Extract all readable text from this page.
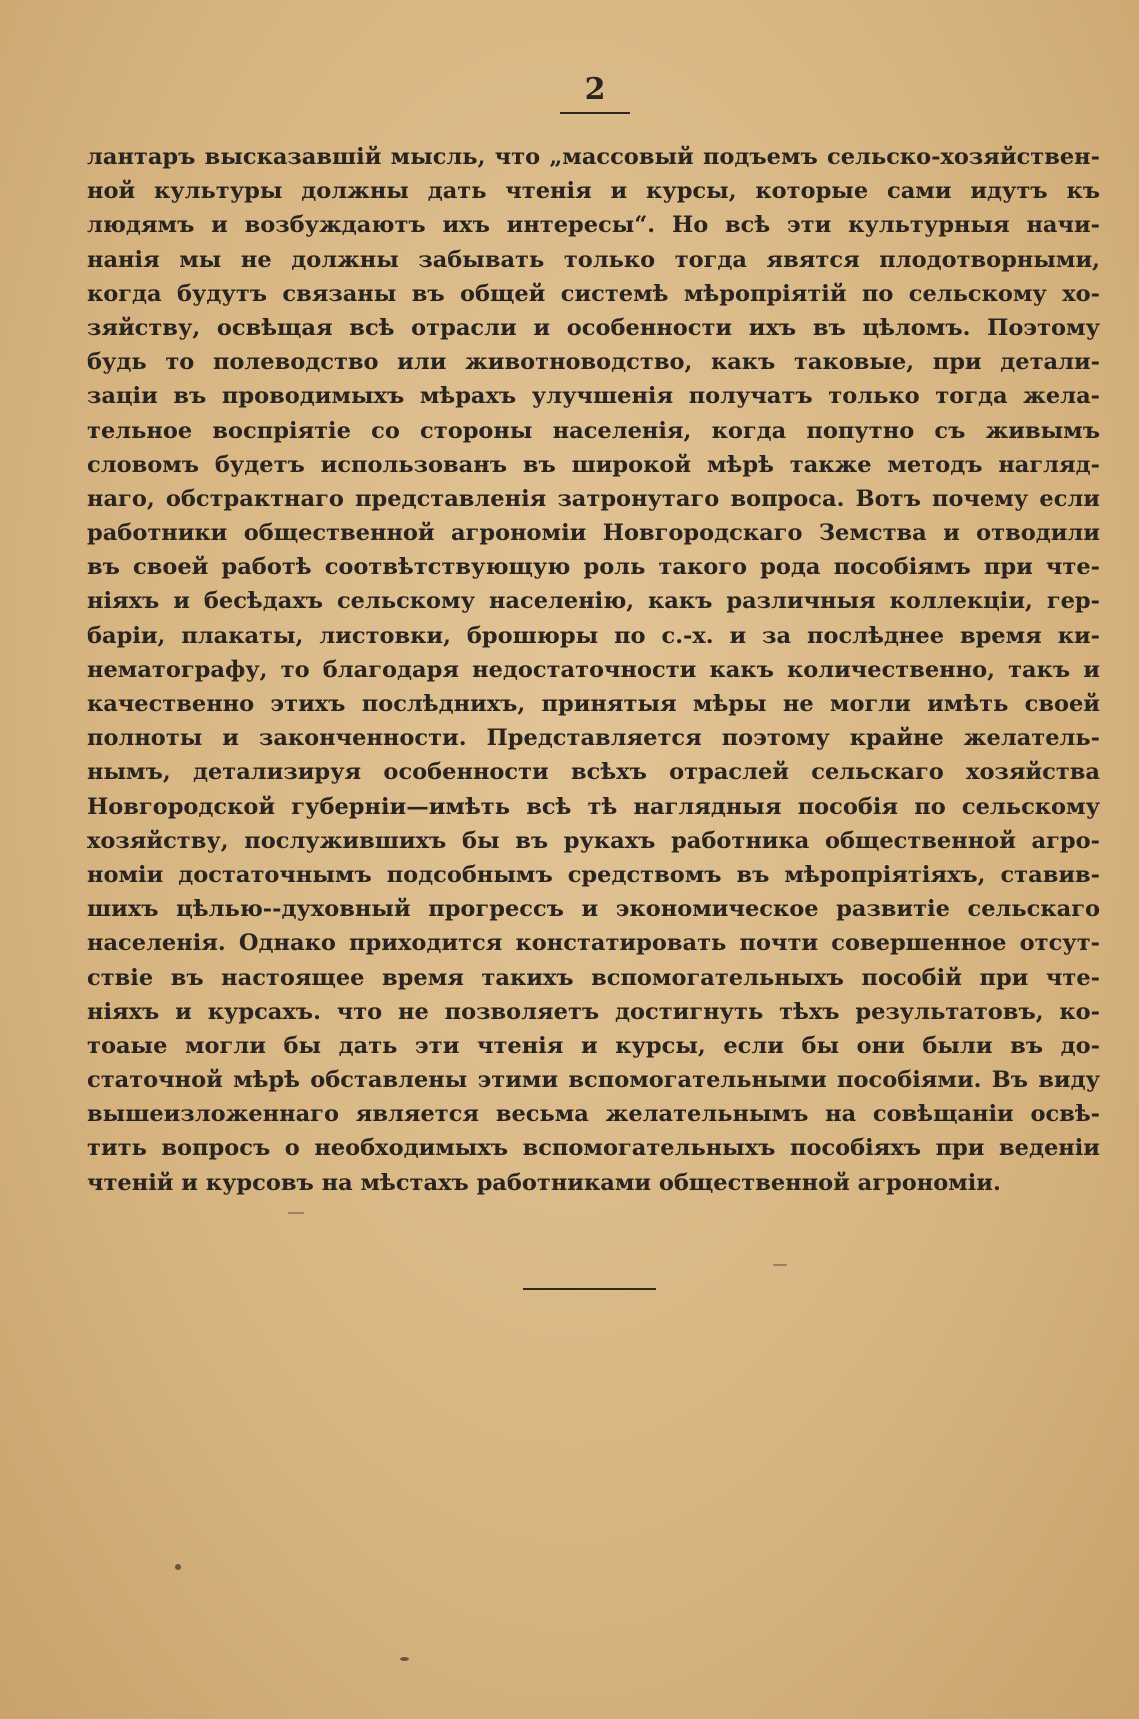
2
лантаръ высказавшій мысль, что „массовый подъемъ сельско-хозяйствен-
ной культуры должны дать чтенія и курсы, которые сами идутъ къ
людямъ и возбуждаютъ ихъ интересы“. Но всѣ эти культурныя начи-
нанія мы не должны забывать только тогда явятся плодотворными,
когда будутъ связаны въ общей системѣ мѣропріятій по сельскому хо-
зяйству, освѣщая всѣ отрасли и особенности ихъ въ цѣломъ. Поэтому
будь то полеводство или животноводство, какъ таковые, при детали-
заціи въ проводимыхъ мѣрахъ улучшенія получатъ только тогда жела-
тельное воспріятіе со стороны населенія, когда попутно съ живымъ
словомъ будетъ использованъ въ широкой мѣрѣ также методъ нагляд-
наго, обстрактнаго представленія затронутаго вопроса. Вотъ почему если
работники общественной агрономіи Новгородскаго Земства и отводили
въ своей работѣ соотвѣтствующую роль такого рода пособіямъ при чте-
ніяхъ и бесѣдахъ сельскому населенію, какъ различныя коллекціи, гер-
баріи, плакаты, листовки, брошюры по с.-х. и за послѣднее время ки-
нематографу, то благодаря недостаточности какъ количественно, такъ и
качественно этихъ послѣднихъ, принятыя мѣры не могли имѣть своей
полноты и законченности. Представляется поэтому крайне желатель-
нымъ, детализируя особенности всѣхъ отраслей сельскаго хозяйства
Новгородской губерніи—имѣть всѣ тѣ наглядныя пособія по сельскому
хозяйству, послужившихъ бы въ рукахъ работника общественной агро-
номіи достаточнымъ подсобнымъ средствомъ въ мѣропріятіяхъ, ставив-
шихъ цѣлью--духовный прогрессъ и экономическое развитіе сельскаго
населенія. Однако приходится констатировать почти совершенное отсут-
ствіе въ настоящее время такихъ вспомогательныхъ пособій при чте-
ніяхъ и курсахъ. что не позволяетъ достигнуть тѣхъ результатовъ, ко-
тоаые могли бы дать эти чтенія и курсы, если бы они были въ до-
статочной мѣрѣ обставлены этими вспомогательными пособіями. Въ виду
вышеизложеннаго является весьма желательнымъ на совѣщаніи освѣ-
тить вопросъ о необходимыхъ вспомогательныхъ пособіяхъ при веденіи
чтеній и курсовъ на мѣстахъ работниками общественной агрономіи.
